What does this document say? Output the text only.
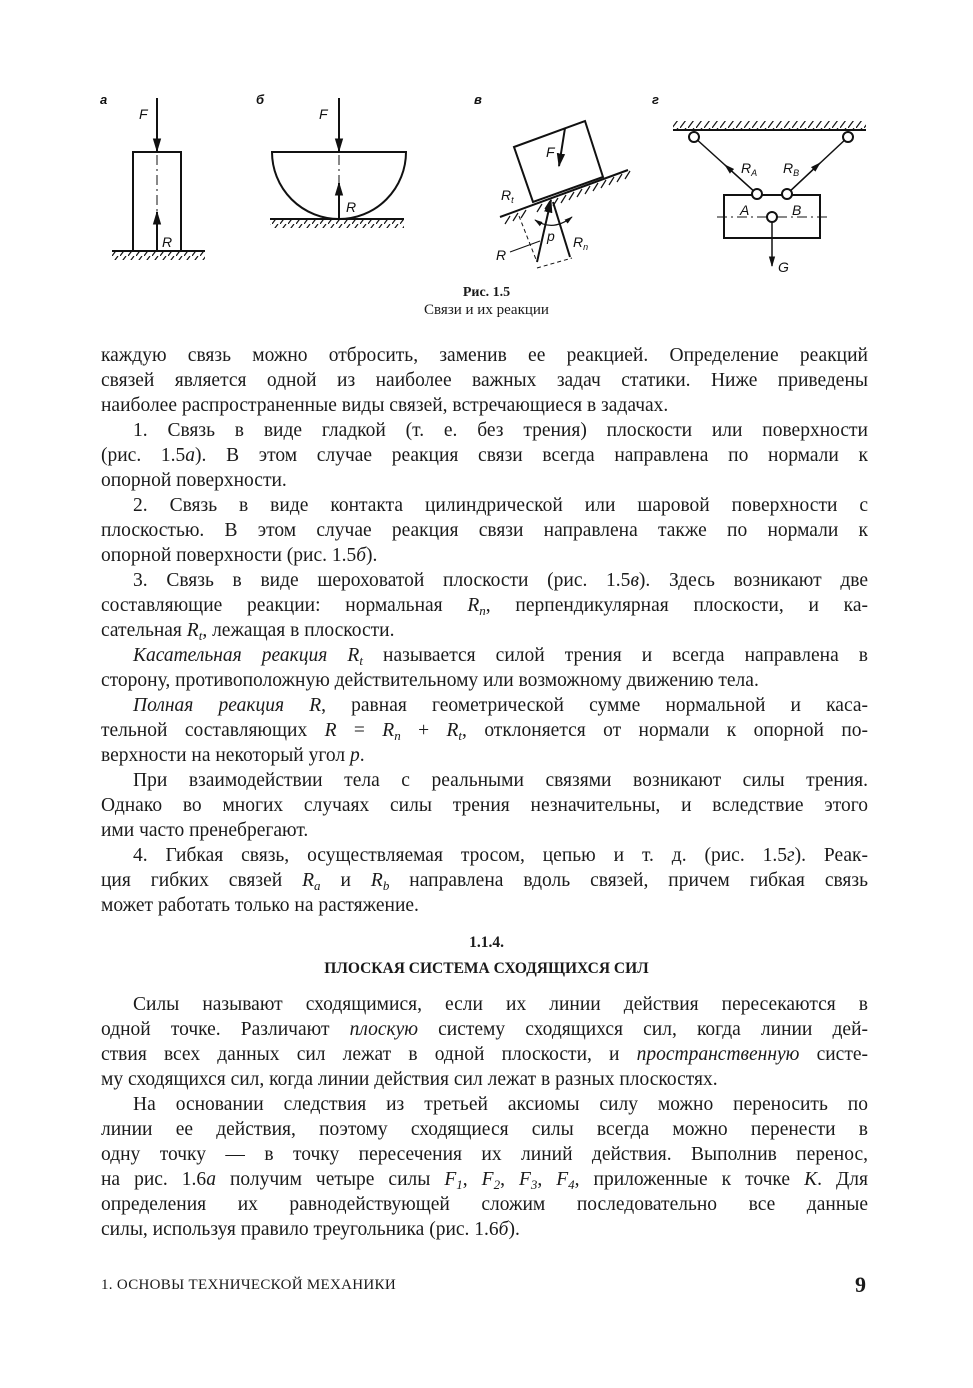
а
F
R
б
F
R
в
F
$R_t$
R
p $R_n$
г
$R_A$ $R_B$
A	B
G
Рис. 1.5
Связи и их реакции
каждую связь можно отбросить, заменив ее реакцией. Определение реакций
связей является одной из наиболее важных задач статики. Ниже приведены
наиболее распространенные виды связей, встречающиеся в задачах.
1. Связь в виде гладкой (т. е. без трения) плоскости или поверхности
(рис. 1.5а). В этом случае реакция связи всегда направлена по нормали к
опорной поверхности.
2. Связь в виде контакта цилиндрической или шаровой поверхности с
плоскостью. В этом случае реакция связи направлена также по нормали к
опорной поверхности (рис. 1.5б).
3. Связь в виде шероховатой плоскости (рис. 1.5в). Здесь возникают две
составляющие реакции: нормальная $R_n$, перпендикулярная плоскости, и ка-
сательная $R_t$, лежащая в плоскости.
Касательная реакция $R_t$ называется силой трения и всегда направлена в
сторону, противоположную действительному или возможному движению тела.
Полная реакция R, равная геометрической сумме нормальной и каса-
тельной составляющих $R = R_n + R_t$, отклоняется от нормали к опорной по-
верхности на некоторый угол p.
При взаимодействии тела с реальными связями возникают силы трения.
Однако во многих случаях силы трения незначительны, и вследствие этого
ими часто пренебрегают.
4. Гибкая связь, осуществляемая тросом, цепью и т. д. (рис. 1.5г). Реак-
ция гибких связей $R_a$ и $R_b$ направлена вдоль связей, причем гибкая связь
может работать только на растяжение.
1.1.4.
ПЛОСКАЯ СИСТЕМА СХОДЯЩИХСЯ СИЛ
Силы называют сходящимися, если их линии действия пересекаются в
одной точке. Различают плоскую систему сходящихся сил, когда линии дей-
ствия всех данных сил лежат в одной плоскости, и пространственную систе-
му сходящихся сил, когда линии действия сил лежат в разных плоскостях.
На основании следствия из третьей аксиомы силу можно переносить по
линии ее действия, поэтому сходящиеся силы всегда можно перенести в
одну точку — в точку пересечения их линий действия. Выполнив перенос,
на рис. 1.6а получим четыре силы $F_1$, $F_2$, $F_3$, $F_4$, приложенные к точке K. Для
определения их равнодействующей сложим последовательно все данные
силы, используя правило треугольника (рис. 1.6б).
1. ОСНОВЫ ТЕХНИЧЕСКОЙ МЕХАНИКИ	9
